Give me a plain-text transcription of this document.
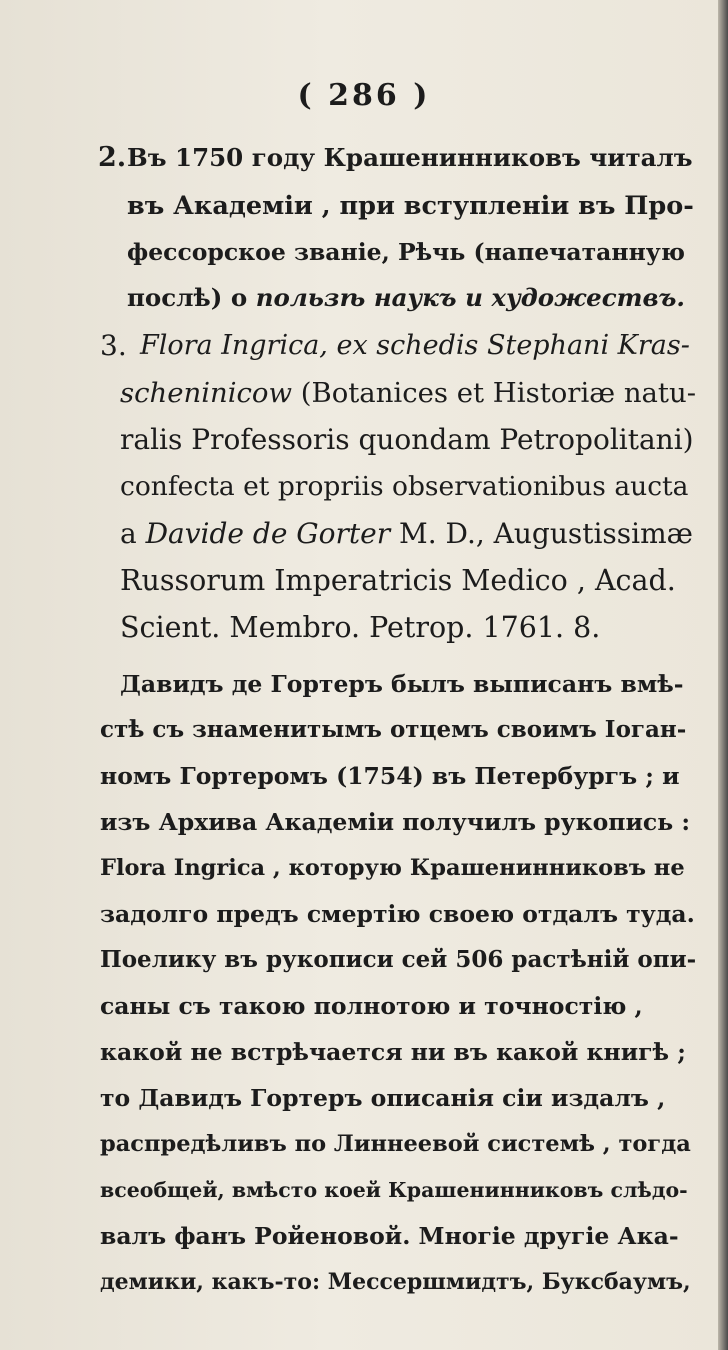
( 286 )
2. Въ 1750 году Крашенинниковъ читалъ
въ Академіи , при вступленіи въ Про-
фессорское званіе, Рѣчь (напечатанную
послѣ) о пользѣ наукъ и художествъ.
3. Flora Ingrica, ex schedis Stephani Kras-
scheninicow (Botanices et Historiæ natu-
ralis Professoris quondam Petropolitani)
confecta et propriis observationibus aucta
a Davide de Gorter M. D., Augustissimæ
Russorum Imperatricis Medico , Acad.
Scient. Membro. Petrop. 1761. 8.
Давидъ де Гортеръ былъ выписанъ вмѣ-
стѣ съ знаменитымъ отцемъ своимъ Іоган-
номъ Гортеромъ (1754) въ Петербургъ ; и
изъ Архива Академіи получилъ рукопись :
Flora Ingrica , которую Крашенинниковъ не
задолго предъ смертію своею отдалъ туда.
Поелику въ рукописи сей 506 растѣній опи-
саны съ такою полнотою и точностію ,
какой не встрѣчается ни въ какой книгѣ ;
то Давидъ Гортеръ описанія сіи издалъ ,
распредѣливъ по Линнеевой системѣ , тогда
всеобщей, вмѣсто коей Крашенинниковъ слѣдо-
валъ фанъ Ройеновой. Многіе другіе Ака-
демики, какъ-то: Мессершмидтъ, Буксбаумъ,
